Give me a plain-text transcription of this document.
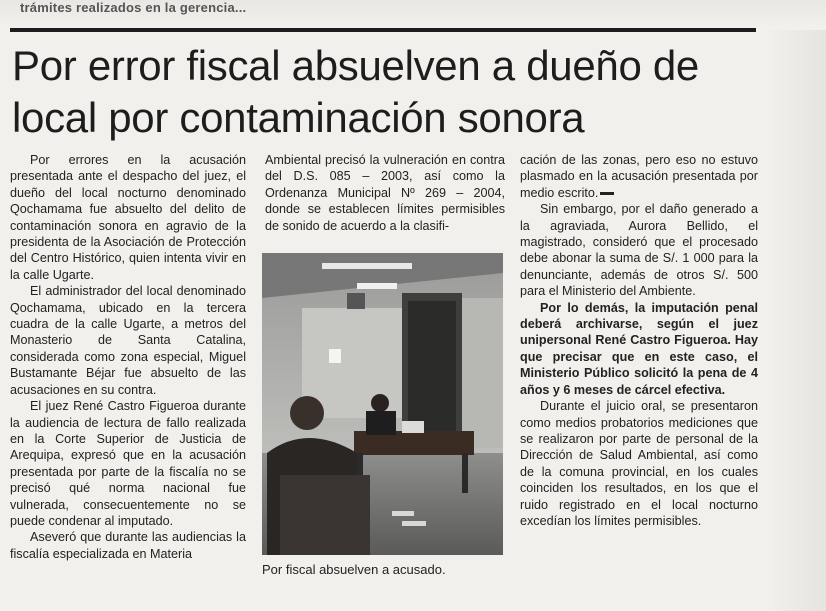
trámites realizados en la gerencia...

Por error fiscal absuelven a dueño de local por contaminación sonora

Por errores en la acusación presentada ante el despacho del juez, el dueño del local nocturno denominado Qochamama fue absuelto del delito de contaminación sonora en agravio de la presidenta de la Asociación de Protección del Centro Histórico, quien intenta vivir en la calle Ugarte.

El administrador del local denominado Qochamama, ubicado en la tercera cuadra de la calle Ugarte, a metros del Monasterio de Santa Catalina, considerada como zona especial, Miguel Bustamante Béjar fue absuelto de las acusaciones en su contra.

El juez René Castro Figueroa durante la audiencia de lectura de fallo realizada en la Corte Superior de Justicia de Arequipa, expresó que en la acusación presentada por parte de la fiscalía no se precisó qué norma nacional fue vulnerada, consecuentemente no se puede condenar al imputado.

Aseveró que durante las audiencias la fiscalía especializada en Materia

Ambiental precisó la vulneración en contra del D.S. 085 – 2003, así como la Ordenanza Municipal Nº 269 – 2004, donde se establecen límites permisibles de sonido de acuerdo a la clasifi-

Por fiscal absuelven a acusado.

cación de las zonas, pero eso no estuvo plasmado en la acusación presentada por medio escrito.

Sin embargo, por el daño generado a la agraviada, Aurora Bellido, el magistrado, consideró que el procesado debe abonar la suma de S/. 1 000 para la denunciante, además de otros S/. 500 para el Ministerio del Ambiente.

Por lo demás, la imputación penal deberá archivarse, según el juez unipersonal René Castro Figueroa. Hay que precisar que en este caso, el Ministerio Público solicitó la pena de 4 años y 6 meses de cárcel efectiva.

Durante el juicio oral, se presentaron como medios probatorios mediciones que se realizaron por parte de personal de la Dirección de Salud Ambiental, así como de la comuna provincial, en los cuales coinciden los resultados, en los que el ruido registrado en el local nocturno excedían los límites permisibles.
